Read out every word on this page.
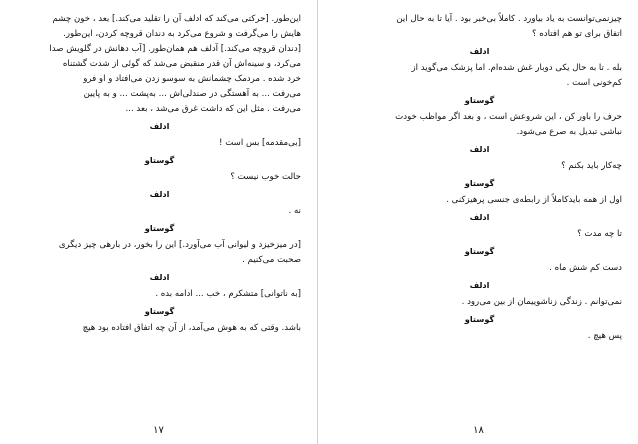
این‌طور. [حرکتی می‌کند که ادلف آن را تقلید می‌کند.] بعد ، خون چشم
هایش را می‌گرفت و شروع می‌کرد به دندان قروچه کردن، این‌طور.
[دندان قروچه می‌کند.] آدلف هم همان‌طور. [آب دهانش در گلویش صدا
می‌کرد، و سینه‌اش آن قدر منقبض می‌شد که گوئی از شدت گشتناه
خرد شده . مردمک چشمانش به سوسو زدن می‌افتاد و او فرو
می‌رفت ... به آهستگی در صندلی‌اش ... به‌پشت ... و به پایین
می‌رفت . مثل این که داشت غرق می‌شد ، بعد ...
ادلف
[بی‌مقدمه] بس است !
گوستاو
حالت خوب نیست ؟
ادلف
نه .
گوستاو
[در میزخیزد و لیوانی آب می‌آورد.] این را بخور، در بارهی چیز دیگری
صحبت می‌کنیم .
ادلف
[به ناتوانی] متشکرم ، خب ... ادامه بده .
گوستاو
باشد. وقتی که به هوش می‌آمد، از آن چه اتفاق افتاده بود هیچ
۱۷
چیزنمی‌توانست به یاد بیاورد . کاملاً بی‌خبر بود . آیا تا به حال این
اتفاق برای تو هم افتاده ؟
ادلف
بله . تا به حال یکی دوبار غش شده‌ام. اما پزشک می‌گوید از
کم‌خونی است .
گوستاو
حرف را باور کن ، این شروعش است ، و بعد اگر مواظب خودت
نباشی تبدیل به صرع می‌شود.
ادلف
چه‌کار باید بکنم ؟
گوستاو
اول از همه بایدکاملاً از رابطه‌ی جنسی پرهیزکنی .
ادلف
تا چه مدت ؟
گوستاو
دست کم شش ماه .
ادلف
نمی‌توانم . زندگی زناشوییمان از بین می‌رود .
گوستاو
پس هیچ .
۱۸
